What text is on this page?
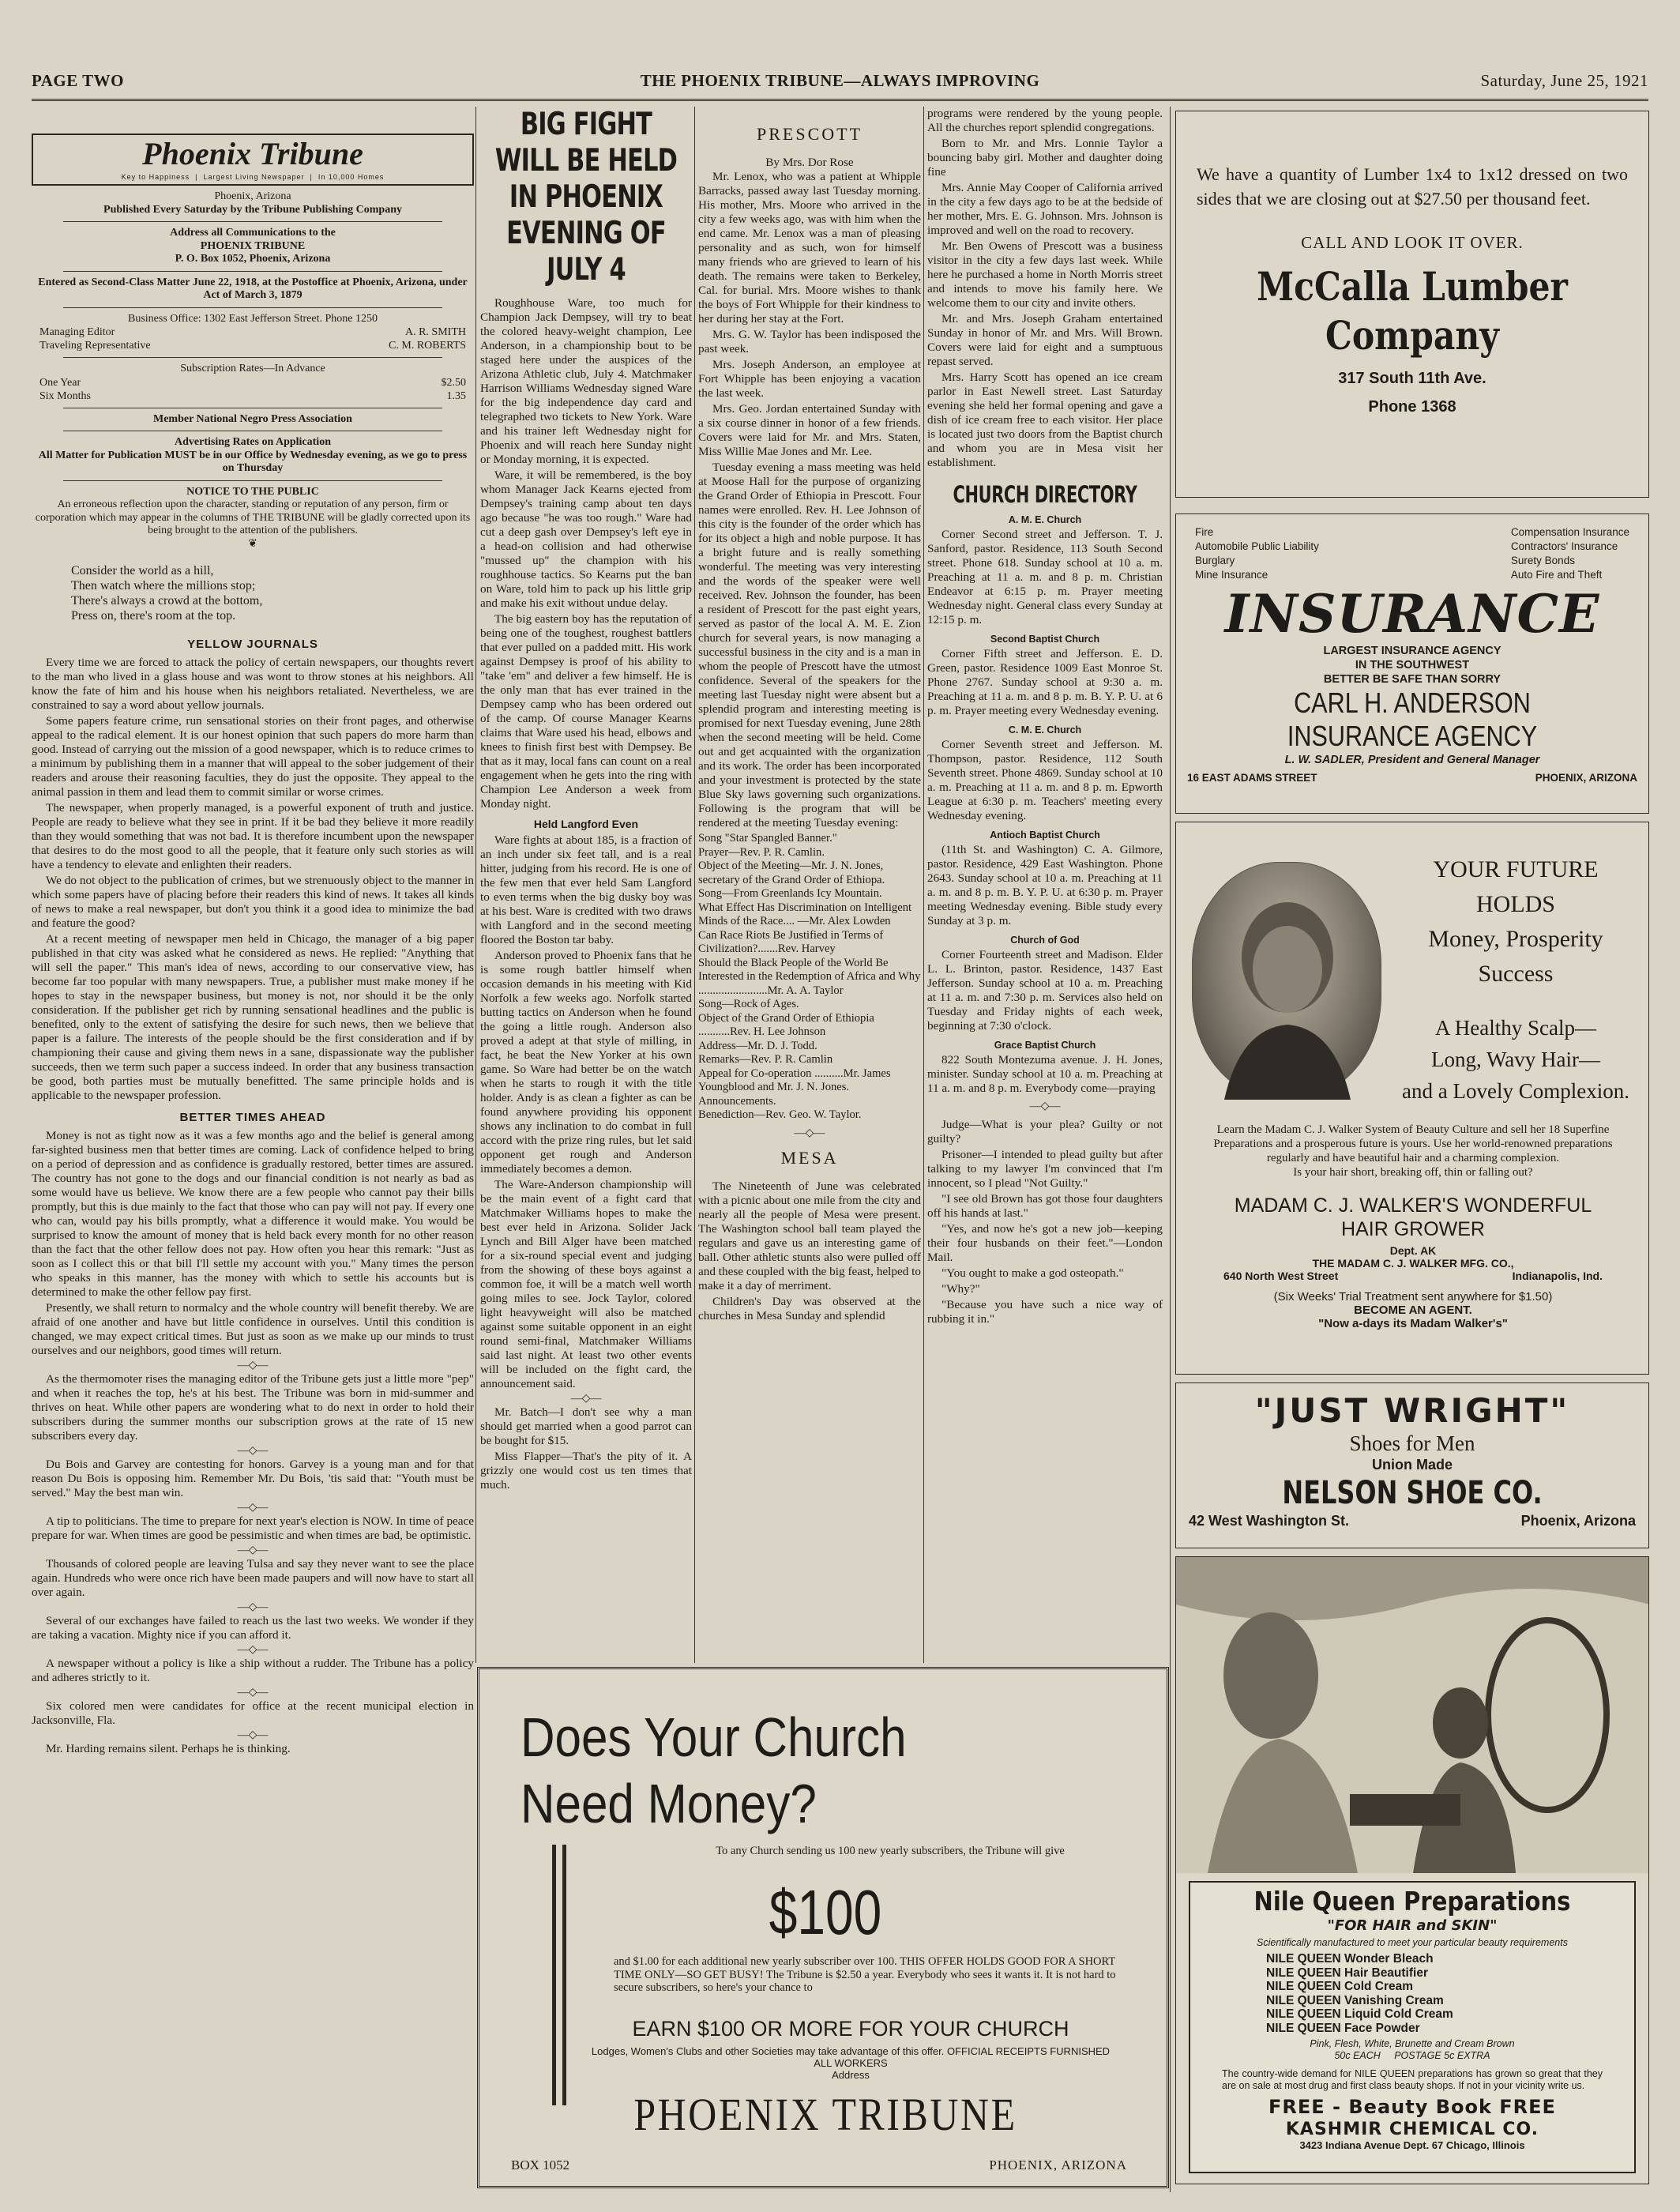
PAGE TWO	THE PHOENIX TRIBUNE—ALWAYS IMPROVING	Saturday, June 25, 1921
Phoenix Tribune
Key to Happiness  |  Largest Living Newspaper  |  In 10,000 Homes
Phoenix, Arizona
Published Every Saturday by the Tribune Publishing Company
Address all Communications to the
PHOENIX TRIBUNE
P. O. Box 1052, Phoenix, Arizona
Entered as Second-Class Matter June 22, 1918, at the Postoffice at Phoenix, Arizona, under Act of March 3, 1879
Business Office: 1302 East Jefferson Street. Phone 1250
Managing Editor	A. R. SMITH
Traveling Representative	C. M. ROBERTS
Subscription Rates—In Advance
One Year	$2.50
Six Months	1.35
Member National Negro Press Association
Advertising Rates on Application
All Matter for Publication MUST be in our Office by Wednesday evening, as we go to press on Thursday
NOTICE TO THE PUBLIC
An erroneous reflection upon the character, standing or reputation of any person, firm or corporation which may appear in the columns of THE TRIBUNE will be gladly corrected upon its being brought to the attention of the publishers.
❦
Consider the world as a hill,
Then watch where the millions stop;
There's always a crowd at the bottom,
Press on, there's room at the top.
YELLOW JOURNALS

Every time we are forced to attack the policy of certain newspapers, our thoughts revert to the man who lived in a glass house and was wont to throw stones at his neighbors. All know the fate of him and his house when his neighbors retaliated. Nevertheless, we are constrained to say a word about yellow journals.

Some papers feature crime, run sensational stories on their front pages, and otherwise appeal to the radical element. It is our honest opinion that such papers do more harm than good. Instead of carrying out the mission of a good newspaper, which is to reduce crimes to a minimum by publishing them in a manner that will appeal to the sober judgement of their readers and arouse their reasoning faculties, they do just the opposite. They appeal to the animal passion in them and lead them to commit similar or worse crimes.

The newspaper, when properly managed, is a powerful exponent of truth and justice. People are ready to believe what they see in print. If it be bad they believe it more readily than they would something that was not bad. It is therefore incumbent upon the newspaper that desires to do the most good to all the people, that it feature only such stories as will have a tendency to elevate and enlighten their readers.

We do not object to the publication of crimes, but we strenuously object to the manner in which some papers have of placing before their readers this kind of news. It takes all kinds of news to make a real newspaper, but don't you think it a good idea to minimize the bad and feature the good?

At a recent meeting of newspaper men held in Chicago, the manager of a big paper published in that city was asked what he considered as news. He replied: "Anything that will sell the paper." This man's idea of news, according to our conservative view, has become far too popular with many newspapers. True, a publisher must make money if he hopes to stay in the newspaper business, but money is not, nor should it be the only consideration. If the publisher get rich by running sensational headlines and the public is benefited, only to the extent of satisfying the desire for such news, then we believe that paper is a failure. The interests of the people should be the first consideration and if by championing their cause and giving them news in a sane, dispassionate way the publisher succeeds, then we term such paper a success indeed. In order that any business transaction be good, both parties must be mutually benefitted. The same principle holds and is applicable to the newspaper profession.

BETTER TIMES AHEAD

Money is not as tight now as it was a few months ago and the belief is general among far-sighted business men that better times are coming. Lack of confidence helped to bring on a period of depression and as confidence is gradually restored, better times are assured. The country has not gone to the dogs and our financial condition is not nearly as bad as some would have us believe. We know there are a few people who cannot pay their bills promptly, but this is due mainly to the fact that those who can pay will not pay. If every one who can, would pay his bills promptly, what a difference it would make. You would be surprised to know the amount of money that is held back every month for no other reason than the fact that the other fellow does not pay. How often you hear this remark: "Just as soon as I collect this or that bill I'll settle my account with you." Many times the person who speaks in this manner, has the money with which to settle his accounts but is determined to make the other fellow pay first.

Presently, we shall return to normalcy and the whole country will benefit thereby. We are afraid of one another and have but little confidence in ourselves. Until this condition is changed, we may expect critical times. But just as soon as we make up our minds to trust ourselves and our neighbors, good times will return.

—◇—

As the thermomoter rises the managing editor of the Tribune gets just a little more "pep" and when it reaches the top, he's at his best. The Tribune was born in mid-summer and thrives on heat. While other papers are wondering what to do next in order to hold their subscribers during the summer months our subscription grows at the rate of 15 new subscribers every day.

—◇—

Du Bois and Garvey are contesting for honors. Garvey is a young man and for that reason Du Bois is opposing him. Remember Mr. Du Bois, 'tis said that: "Youth must be served." May the best man win.

—◇—

A tip to politicians. The time to prepare for next year's election is NOW. In time of peace prepare for war. When times are good be pessimistic and when times are bad, be optimistic.

—◇—

Thousands of colored people are leaving Tulsa and say they never want to see the place again. Hundreds who were once rich have been made paupers and will now have to start all over again.

—◇—

Several of our exchanges have failed to reach us the last two weeks. We wonder if they are taking a vacation. Mighty nice if you can afford it.

—◇—

A newspaper without a policy is like a ship without a rudder. The Tribune has a policy and adheres strictly to it.

—◇—

Six colored men were candidates for office at the recent municipal election in Jacksonville, Fla.

—◇—

Mr. Harding remains silent. Perhaps he is thinking.

BIG FIGHT WILL BE HELD IN PHOENIX EVENING OF JULY 4

Roughhouse Ware, too much for Champion Jack Dempsey, will try to beat the colored heavy-weight champion, Lee Anderson, in a championship bout to be staged here under the auspices of the Arizona Athletic club, July 4. Matchmaker Harrison Williams Wednesday signed Ware for the big independence day card and telegraphed two tickets to New York. Ware and his trainer left Wednesday night for Phoenix and will reach here Sunday night or Monday morning, it is expected.

Ware, it will be remembered, is the boy whom Manager Jack Kearns ejected from Dempsey's training camp about ten days ago because "he was too rough." Ware had cut a deep gash over Dempsey's left eye in a head-on collision and had otherwise "mussed up" the champion with his roughhouse tactics. So Kearns put the ban on Ware, told him to pack up his little grip and make his exit without undue delay.

The big eastern boy has the reputation of being one of the toughest, roughest battlers that ever pulled on a padded mitt. His work against Dempsey is proof of his ability to "take 'em" and deliver a few himself. He is the only man that has ever trained in the Dempsey camp who has been ordered out of the camp. Of course Manager Kearns claims that Ware used his head, elbows and knees to finish first best with Dempsey. Be that as it may, local fans can count on a real engagement when he gets into the ring with Champion Lee Anderson a week from Monday night.

Held Langford Even

Ware fights at about 185, is a fraction of an inch under six feet tall, and is a real hitter, judging from his record. He is one of the few men that ever held Sam Langford to even terms when the big dusky boy was at his best. Ware is credited with two draws with Langford and in the second meeting floored the Boston tar baby.

Anderson proved to Phoenix fans that he is some rough battler himself when occasion demands in his meeting with Kid Norfolk a few weeks ago. Norfolk started butting tactics on Anderson when he found the going a little rough. Anderson also proved a adept at that style of milling, in fact, he beat the New Yorker at his own game. So Ware had better be on the watch when he starts to rough it with the title holder. Andy is as clean a fighter as can be found anywhere providing his opponent shows any inclination to do combat in full accord with the prize ring rules, but let said opponent get rough and Anderson immediately becomes a demon.

The Ware-Anderson championship will be the main event of a fight card that Matchmaker Williams hopes to make the best ever held in Arizona. Solider Jack Lynch and Bill Alger have been matched for a six-round special event and judging from the showing of these boys against a common foe, it will be a match well worth going miles to see. Jock Taylor, colored light heavyweight will also be matched against some suitable opponent in an eight round semi-final, Matchmaker Williams said last night. At least two other events will be included on the fight card, the announcement said.

—◇—

Mr. Batch—I don't see why a man should get married when a good parrot can be bought for $15.

Miss Flapper—That's the pity of it. A grizzly one would cost us ten times that much.

PRESCOTT
By Mrs. Dor Rose

Mr. Lenox, who was a patient at Whipple Barracks, passed away last Tuesday morning. His mother, Mrs. Moore who arrived in the city a few weeks ago, was with him when the end came. Mr. Lenox was a man of pleasing personality and as such, won for himself many friends who are grieved to learn of his death. The remains were taken to Berkeley, Cal. for burial. Mrs. Moore wishes to thank the boys of Fort Whipple for their kindness to her during her stay at the Fort.

Mrs. G. W. Taylor has been indisposed the past week.

Mrs. Joseph Anderson, an employee at Fort Whipple has been enjoying a vacation the last week.

Mrs. Geo. Jordan entertained Sunday with a six course dinner in honor of a few friends. Covers were laid for Mr. and Mrs. Staten, Miss Willie Mae Jones and Mr. Lee.

Tuesday evening a mass meeting was held at Moose Hall for the purpose of organizing the Grand Order of Ethiopia in Prescott. Four names were enrolled. Rev. H. Lee Johnson of this city is the founder of the order which has for its object a high and noble purpose. It has a bright future and is really something wonderful. The meeting was very interesting and the words of the speaker were well received. Rev. Johnson the founder, has been a resident of Prescott for the past eight years, served as pastor of the local A. M. E. Zion church for several years, is now managing a successful business in the city and is a man in whom the people of Prescott have the utmost confidence. Several of the speakers for the meeting last Tuesday night were absent but a splendid program and interesting meeting is promised for next Tuesday evening, June 28th when the second meeting will be held. Come out and get acquainted with the organization and its work. The order has been incorporated and your investment is protected by the state Blue Sky laws governing such organizations. Following is the program that will be rendered at the meeting Tuesday evening:

Song "Star Spangled Banner."
Prayer—Rev. P. R. Camlin.
Object of the Meeting—Mr. J. N. Jones, secretary of the Grand Order of Ethiopa.
Song—From Greenlands Icy Mountain.
What Effect Has Discrimination on Intelligent Minds of the Race.... —Mr. Alex Lowden
Can Race Riots Be Justified in Terms of Civilization?.......Rev. Harvey
Should the Black People of the World Be Interested in the Redemption of Africa and Why ........................Mr. A. A. Taylor
Song—Rock of Ages.
Object of the Grand Order of Ethiopia ...........Rev. H. Lee Johnson
Address—Mr. D. J. Todd.
Remarks—Rev. P. R. Camlin
Appeal for Co-operation ..........Mr. James Youngblood and Mr. J. N. Jones.
Announcements.
Benediction—Rev. Geo. W. Taylor.
—◇—
MESA

The Nineteenth of June was celebrated with a picnic about one mile from the city and nearly all the people of Mesa were present. The Washington school ball team played the regulars and gave us an interesting game of ball. Other athletic stunts also were pulled off and these coupled with the big feast, helped to make it a day of merriment.

Children's Day was observed at the churches in Mesa Sunday and splendid

programs were rendered by the young people. All the churches report splendid congregations.

Born to Mr. and Mrs. Lonnie Taylor a bouncing baby girl. Mother and daughter doing fine

Mrs. Annie May Cooper of California arrived in the city a few days ago to be at the bedside of her mother, Mrs. E. G. Johnson. Mrs. Johnson is improved and well on the road to recovery.

Mr. Ben Owens of Prescott was a business visitor in the city a few days last week. While here he purchased a home in North Morris street and intends to move his family here. We welcome them to our city and invite others.

Mr. and Mrs. Joseph Graham entertained Sunday in honor of Mr. and Mrs. Will Brown. Covers were laid for eight and a sumptuous repast served.

Mrs. Harry Scott has opened an ice cream parlor in East Newell street. Last Saturday evening she held her formal opening and gave a dish of ice cream free to each visitor. Her place is located just two doors from the Baptist church and whom you are in Mesa visit her establishment.

CHURCH DIRECTORY
A. M. E. Church

Corner Second street and Jefferson. T. J. Sanford, pastor. Residence, 113 South Second street. Phone 618. Sunday school at 10 a. m. Preaching at 11 a. m. and 8 p. m. Christian Endeavor at 6:15 p. m. Prayer meeting Wednesday night. General class every Sunday at 12:15 p. m.

Second Baptist Church

Corner Fifth street and Jefferson. E. D. Green, pastor. Residence 1009 East Monroe St. Phone 2767. Sunday school at 9:30 a. m. Preaching at 11 a. m. and 8 p. m. B. Y. P. U. at 6 p. m. Prayer meeting every Wednesday evening.

C. M. E. Church

Corner Seventh street and Jefferson. M. Thompson, pastor. Residence, 112 South Seventh street. Phone 4869. Sunday school at 10 a. m. Preaching at 11 a. m. and 8 p. m. Epworth League at 6:30 p. m. Teachers' meeting every Wednesday evening.

Antioch Baptist Church

(11th St. and Washington) C. A. Gilmore, pastor. Residence, 429 East Washington. Phone 2643. Sunday school at 10 a. m. Preaching at 11 a. m. and 8 p. m. B. Y. P. U. at 6:30 p. m. Prayer meeting Wednesday evening. Bible study every Sunday at 3 p. m.

Church of God

Corner Fourteenth street and Madison. Elder L. L. Brinton, pastor. Residence, 1437 East Jefferson. Sunday school at 10 a. m. Preaching at 11 a. m. and 7:30 p. m. Services also held on Tuesday and Friday nights of each week, beginning at 7:30 o'clock.

Grace Baptist Church

822 South Montezuma avenue. J. H. Jones, minister. Sunday school at 10 a. m. Preaching at 11 a. m. and 8 p. m. Everybody come—praying

—◇—

Judge—What is your plea? Guilty or not guilty?

Prisoner—I intended to plead guilty but after talking to my lawyer I'm convinced that I'm innocent, so I plead "Not Guilty."

"I see old Brown has got those four daughters off his hands at last."

"Yes, and now he's got a new job—keeping their four husbands on their feet."—London Mail.

"You ought to make a god osteopath."

"Why?"

"Because you have such a nice way of rubbing it in."

We have a quantity of Lumber 1x4 to 1x12 dressed on two sides that we are closing out at $27.50 per thousand feet.
CALL AND LOOK IT OVER.
McCalla Lumber Company
317 South 11th Ave.
Phone 1368
Fire
Automobile Public Liability
Burglary
Mine Insurance
Compensation Insurance
Contractors' Insurance
Surety Bonds
Auto Fire and Theft
INSURANCE
LARGEST INSURANCE AGENCY
IN THE SOUTHWEST
BETTER BE SAFE THAN SORRY
CARL H. ANDERSON
INSURANCE AGENCY
L. W. SADLER, President and General Manager
16 EAST ADAMS STREET	PHOENIX, ARIZONA
YOUR FUTURE
HOLDS
Money, Prosperity
Success
A Healthy Scalp—
Long, Wavy Hair—
and a Lovely Complexion.
Learn the Madam C. J. Walker System of Beauty Culture and sell her 18 Superfine Preparations and a prosperous future is yours. Use her world-renowned preparations regularly and have beautiful hair and a charming complexion.
Is your hair short, breaking off, thin or falling out?
MADAM C. J. WALKER'S WONDERFUL
HAIR GROWER
Dept. AK
THE MADAM C. J. WALKER MFG. CO.,
640 North West Street	Indianapolis, Ind.
(Six Weeks' Trial Treatment sent anywhere for $1.50)
BECOME AN AGENT.
"Now a-days its Madam Walker's"
"JUST WRIGHT"
Shoes for Men
Union Made
NELSON SHOE CO.
42 West Washington St.	Phoenix, Arizona
Nile Queen Preparations
"FOR HAIR and SKIN"
Scientifically manufactured to meet your particular beauty requirements
NILE QUEEN Wonder Bleach
NILE QUEEN Hair Beautifier
NILE QUEEN Cold Cream
NILE QUEEN Vanishing Cream
NILE QUEEN Liquid Cold Cream
NILE QUEEN Face Powder
Pink, Flesh, White, Brunette and Cream Brown
50c EACH POSTAGE 5c EXTRA
The country-wide demand for NILE QUEEN preparations has grown so great that they are on sale at most drug and first class beauty shops. If not in your vicinity write us.
FREE - Beauty Book FREE
KASHMIR CHEMICAL CO.
3423 Indiana Avenue Dept. 67 Chicago, Illinois
Does Your Church
Need Money?
To any Church sending us 100 new yearly subscribers, the Tribune will give
$100
and $1.00 for each additional new yearly subscriber over 100. THIS OFFER HOLDS GOOD FOR A SHORT TIME ONLY—SO GET BUSY! The Tribune is $2.50 a year. Everybody who sees it wants it. It is not hard to secure subscribers, so here's your chance to
EARN $100 OR MORE FOR YOUR CHURCH
Lodges, Women's Clubs and other Societies may take advantage of this offer. OFFICIAL RECEIPTS FURNISHED ALL WORKERS
Address
PHOENIX TRIBUNE
BOX 1052	PHOENIX, ARIZONA
